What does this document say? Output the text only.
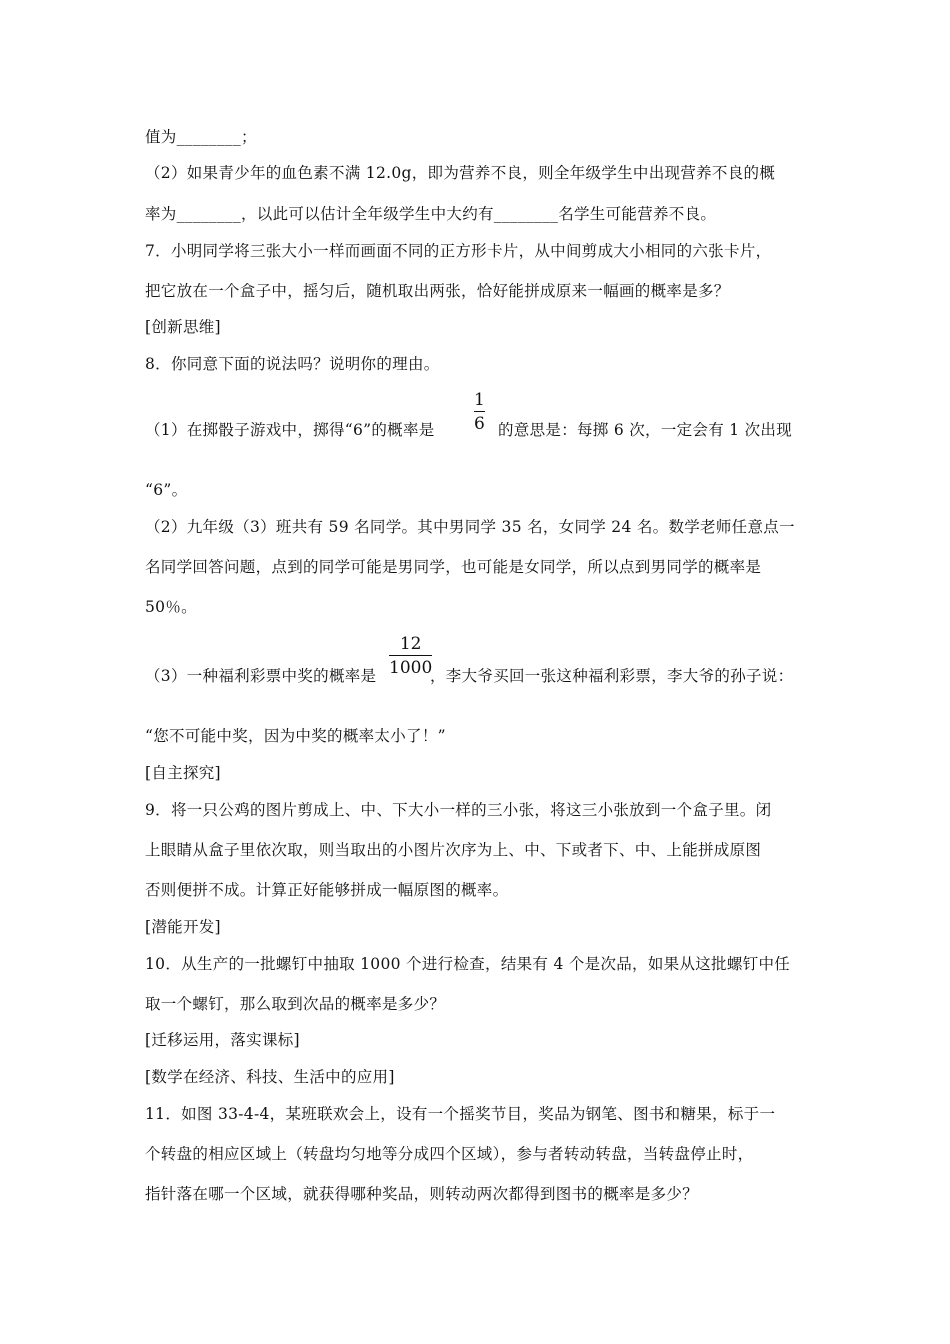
值为________；
（2）如果青少年的血色素不满 12.0g，即为营养不良，则全年级学生中出现营养不良的概
率为________，以此可以估计全年级学生中大约有________名学生可能营养不良。
7．小明同学将三张大小一样而画面不同的正方形卡片，从中间剪成大小相同的六张卡片，
把它放在一个盒子中，摇匀后，随机取出两张，恰好能拼成原来一幅画的概率是多？
[创新思维]
8．你同意下面的说法吗？说明你的理由。
（1）在掷骰子游戏中，掷得“6”的概率是
1
6 的意思是：每掷 6 次，一定会有 1 次出现
“6”。
（2）九年级（3）班共有 59 名同学。其中男同学 35 名，女同学 24 名。数学老师任意点一
名同学回答问题，点到的同学可能是男同学，也可能是女同学，所以点到男同学的概率是
50％。
（3）一种福利彩票中奖的概率是
12
1000
，李大爷买回一张这种福利彩票，李大爷的孙子说：
“您不可能中奖，因为中奖的概率太小了！”
[自主探究]
9．将一只公鸡的图片剪成上、中、下大小一样的三小张，将这三小张放到一个盒子里。闭
上眼睛从盒子里依次取，则当取出的小图片次序为上、中、下或者下、中、上能拼成原图
否则便拼不成。计算正好能够拼成一幅原图的概率。
[潜能开发]
10．从生产的一批螺钉中抽取 1000 个进行检查，结果有 4 个是次品，如果从这批螺钉中任
取一个螺钉，那么取到次品的概率是多少？
[迁移运用，落实课标]
[数学在经济、科技、生活中的应用]
11．如图 33-4-4，某班联欢会上，设有一个摇奖节目，奖品为钢笔、图书和糖果，标于一
个转盘的相应区域上（转盘均匀地等分成四个区域），参与者转动转盘，当转盘停止时，
指针落在哪一个区域，就获得哪种奖品，则转动两次都得到图书的概率是多少？
